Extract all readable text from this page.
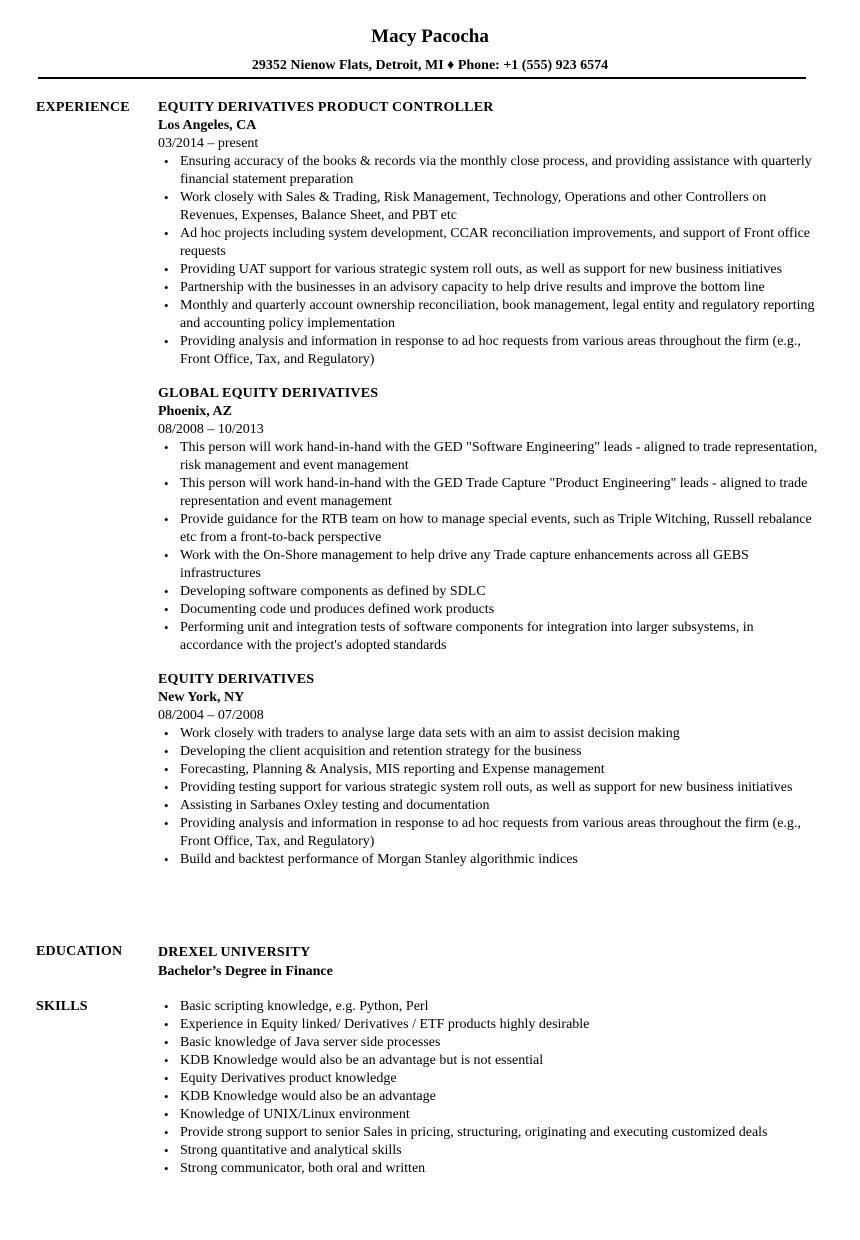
Macy Pacocha
29352 Nienow Flats, Detroit, MI ♦ Phone: +1 (555) 923 6574
EXPERIENCE	EQUITY DERIVATIVES PRODUCT CONTROLLER
Los Angeles, CA
03/2014 – present
• Ensuring accuracy of the books & records via the monthly close process, and providing assistance with quarterly financial statement preparation
• Work closely with Sales & Trading, Risk Management, Technology, Operations and other Controllers on Revenues, Expenses, Balance Sheet, and PBT etc
• Ad hoc projects including system development, CCAR reconciliation improvements, and support of Front office requests
• Providing UAT support for various strategic system roll outs, as well as support for new business initiatives
• Partnership with the businesses in an advisory capacity to help drive results and improve the bottom line
• Monthly and quarterly account ownership reconciliation, book management, legal entity and regulatory reporting and accounting policy implementation
• Providing analysis and information in response to ad hoc requests from various areas throughout the firm (e.g., Front Office, Tax, and Regulatory)
GLOBAL EQUITY DERIVATIVES
Phoenix, AZ
08/2008 – 10/2013
• This person will work hand-in-hand with the GED "Software Engineering" leads - aligned to trade representation, risk management and event management
• This person will work hand-in-hand with the GED Trade Capture "Product Engineering" leads - aligned to trade representation and event management
• Provide guidance for the RTB team on how to manage special events, such as Triple Witching, Russell rebalance etc from a front-to-back perspective
• Work with the On-Shore management to help drive any Trade capture enhancements across all GEBS infrastructures
• Developing software components as defined by SDLC
• Documenting code und produces defined work products
• Performing unit and integration tests of software components for integration into larger subsystems, in accordance with the project's adopted standards
EQUITY DERIVATIVES
New York, NY
08/2004 – 07/2008
• Work closely with traders to analyse large data sets with an aim to assist decision making
• Developing the client acquisition and retention strategy for the business
• Forecasting, Planning & Analysis, MIS reporting and Expense management
• Providing testing support for various strategic system roll outs, as well as support for new business initiatives
• Assisting in Sarbanes Oxley testing and documentation
• Providing analysis and information in response to ad hoc requests from various areas throughout the firm (e.g., Front Office, Tax, and Regulatory)
• Build and backtest performance of Morgan Stanley algorithmic indices
EDUCATION	DREXEL UNIVERSITY
Bachelor’s Degree in Finance
SKILLS
•	Basic scripting knowledge, e.g. Python, Perl
• Experience in Equity linked/ Derivatives / ETF products highly desirable
• Basic knowledge of Java server side processes
• KDB Knowledge would also be an advantage but is not essential
• Equity Derivatives product knowledge
• KDB Knowledge would also be an advantage
• Knowledge of UNIX/Linux environment
• Provide strong support to senior Sales in pricing, structuring, originating and executing customized deals
• Strong quantitative and analytical skills
• Strong communicator, both oral and written
